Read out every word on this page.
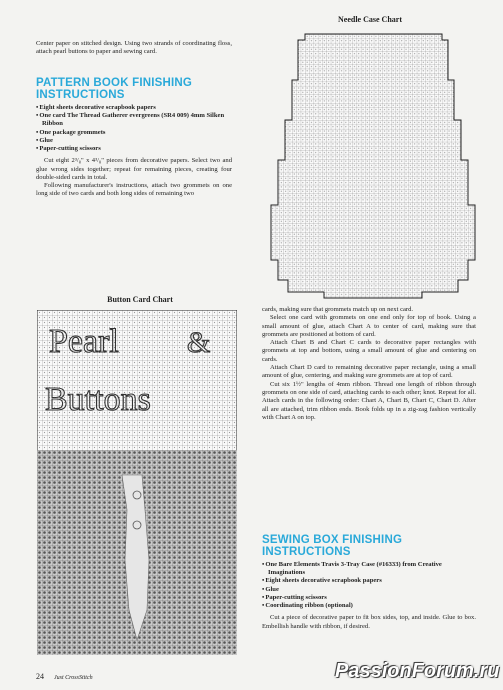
Center paper on stitched design. Using two strands of coordinating floss, attach pearl buttons to paper and sewing card.

PATTERN BOOK FINISHING INSTRUCTIONS

• Eight sheets decorative scrapbook papers
• One card The Thread Gatherer evergreens (SR4 009) 4mm Silken Ribbon
• One package grommets
• Glue
• Paper-cutting scissors

Cut eight 2³/₈" x 4³/₈" pieces from decorative papers. Select two and glue wrong sides together; repeat for remaining pieces, creating four double-sided cards in total.

Following manufacturer's instructions, attach two grommets on one long side of two cards and both long sides of remaining two

Needle Case Chart
Button Card Chart
Pearl &
Buttons

cards, making sure that grommets match up on next card.

Select one card with grommets on one end only for top of book. Using a small amount of glue, attach Chart A to center of card, making sure that grommets are positioned at bottom of card.

Attach Chart B and Chart C cards to decorative paper rectangles with grommets at top and bottom, using a small amount of glue and centering on cards.

Attach Chart D card to remaining decorative paper rectangle, using a small amount of glue, centering, and making sure grommets are at top of card.

Cut six 1½" lengths of 4mm ribbon. Thread one length of ribbon through grommets on one side of card, attaching cards to each other; knot. Repeat for all. Attach cards in the following order: Chart A, Chart B, Chart C, Chart D. After all are attached, trim ribbon ends. Book folds up in a zig-zag fashion vertically with Chart A on top.

SEWING BOX FINISHING INSTRUCTIONS

• One Bare Elements Travis 3-Tray Case (#16333) from Creative Imaginations
• Eight sheets decorative scrapbook papers
• Glue
• Paper-cutting scissors
• Coordinating ribbon (optional)

Cut a piece of decorative paper to fit box sides, top, and inside. Glue to box. Embellish handle with ribbon, if desired.

24 Just CrossStitch	PassionForum.ru
